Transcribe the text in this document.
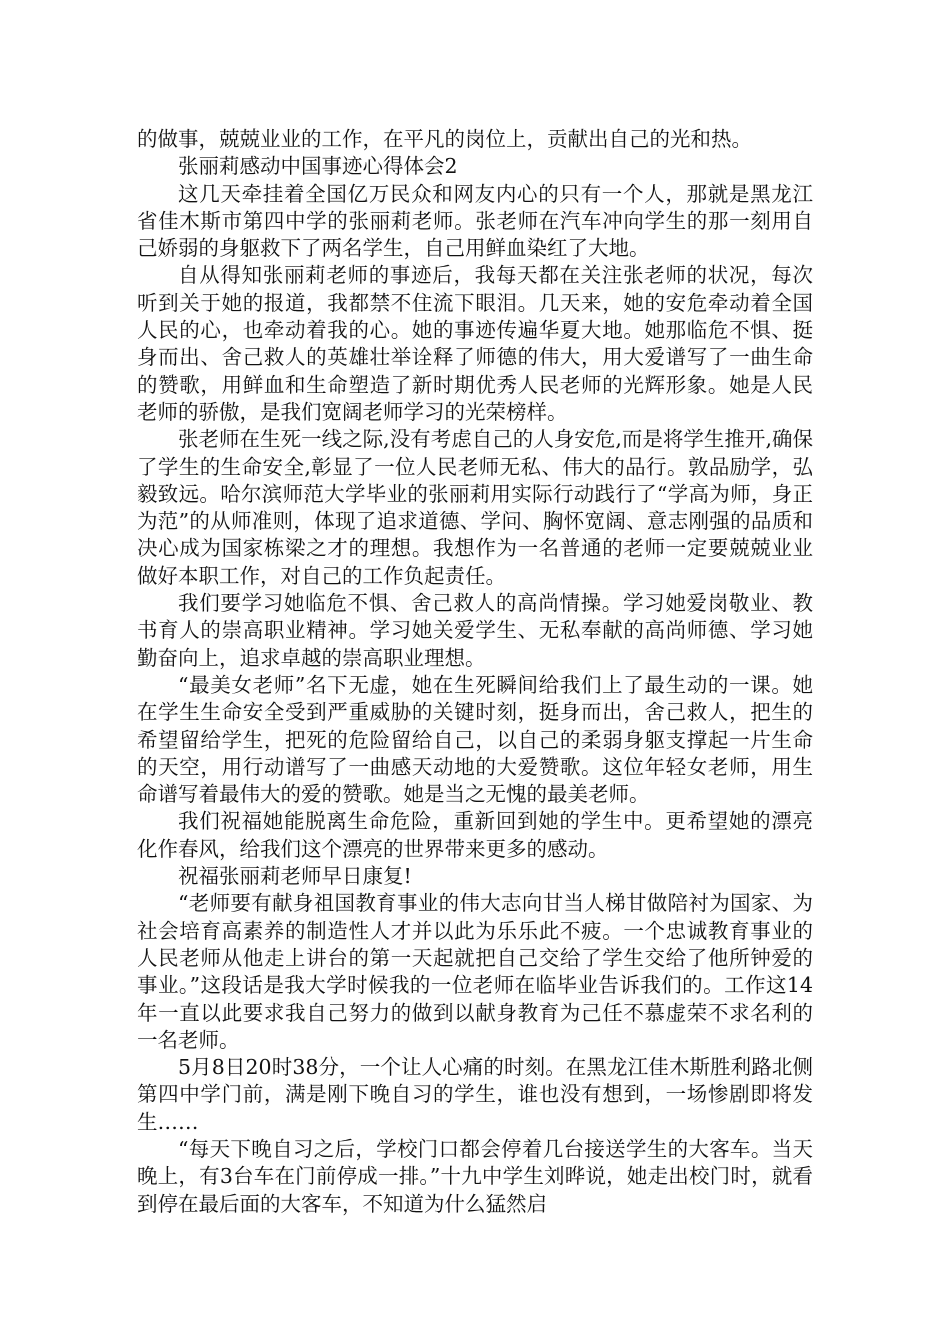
的做事，兢兢业业的工作，在平凡的岗位上，贡献出自己的光和热。

张丽莉感动中国事迹心得体会2

这几天牵挂着全国亿万民众和网友内心的只有一个人，那就是黑龙江省佳木斯市第四中学的张丽莉老师。张老师在汽车冲向学生的那一刻用自己娇弱的身躯救下了两名学生，自己用鲜血染红了大地。

自从得知张丽莉老师的事迹后，我每天都在关注张老师的状况，每次听到关于她的报道，我都禁不住流下眼泪。几天来，她的安危牵动着全国人民的心，也牵动着我的心。她的事迹传遍华夏大地。她那临危不惧、挺身而出、舍己救人的英雄壮举诠释了师德的伟大，用大爱谱写了一曲生命的赞歌，用鲜血和生命塑造了新时期优秀人民老师的光辉形象。她是人民老师的骄傲，是我们宽阔老师学习的光荣榜样。

张老师在生死一线之际,没有考虑自己的人身安危,而是将学生推开,确保了学生的生命安全,彰显了一位人民老师无私、伟大的品行。敦品励学，弘毅致远。哈尔滨师范大学毕业的张丽莉用实际行动践行了“学高为师，身正为范”的从师准则，体现了追求道德、学问、胸怀宽阔、意志刚强的品质和决心成为国家栋梁之才的理想。我想作为一名普通的老师一定要兢兢业业做好本职工作，对自己的工作负起责任。

我们要学习她临危不惧、舍己救人的高尚情操。学习她爱岗敬业、教书育人的崇高职业精神。学习她关爱学生、无私奉献的高尚师德、学习她勤奋向上，追求卓越的崇高职业理想。

“最美女老师”名下无虚，她在生死瞬间给我们上了最生动的一课。她在学生生命安全受到严重威胁的关键时刻，挺身而出，舍己救人，把生的希望留给学生，把死的危险留给自己，以自己的柔弱身躯支撑起一片生命的天空，用行动谱写了一曲感天动地的大爱赞歌。这位年轻女老师，用生命谱写着最伟大的爱的赞歌。她是当之无愧的最美老师。

我们祝福她能脱离生命危险，重新回到她的学生中。更希望她的漂亮化作春风，给我们这个漂亮的世界带来更多的感动。

祝福张丽莉老师早日康复!

“老师要有献身祖国教育事业的伟大志向甘当人梯甘做陪衬为国家、为社会培育高素养的制造性人才并以此为乐乐此不疲。一个忠诚教育事业的人民老师从他走上讲台的第一天起就把自己交给了学生交给了他所钟爱的事业。”这段话是我大学时候我的一位老师在临毕业告诉我们的。工作这14年一直以此要求我自己努力的做到以献身教育为己任不慕虚荣不求名利的一名老师。

5月8日20时38分，一个让人心痛的时刻。在黑龙江佳木斯胜利路北侧第四中学门前，满是刚下晚自习的学生，谁也没有想到，一场惨剧即将发生……

“每天下晚自习之后，学校门口都会停着几台接送学生的大客车。当天晚上，有3台车在门前停成一排。”十九中学生刘晔说，她走出校门时，就看到停在最后面的大客车，不知道为什么猛然启
